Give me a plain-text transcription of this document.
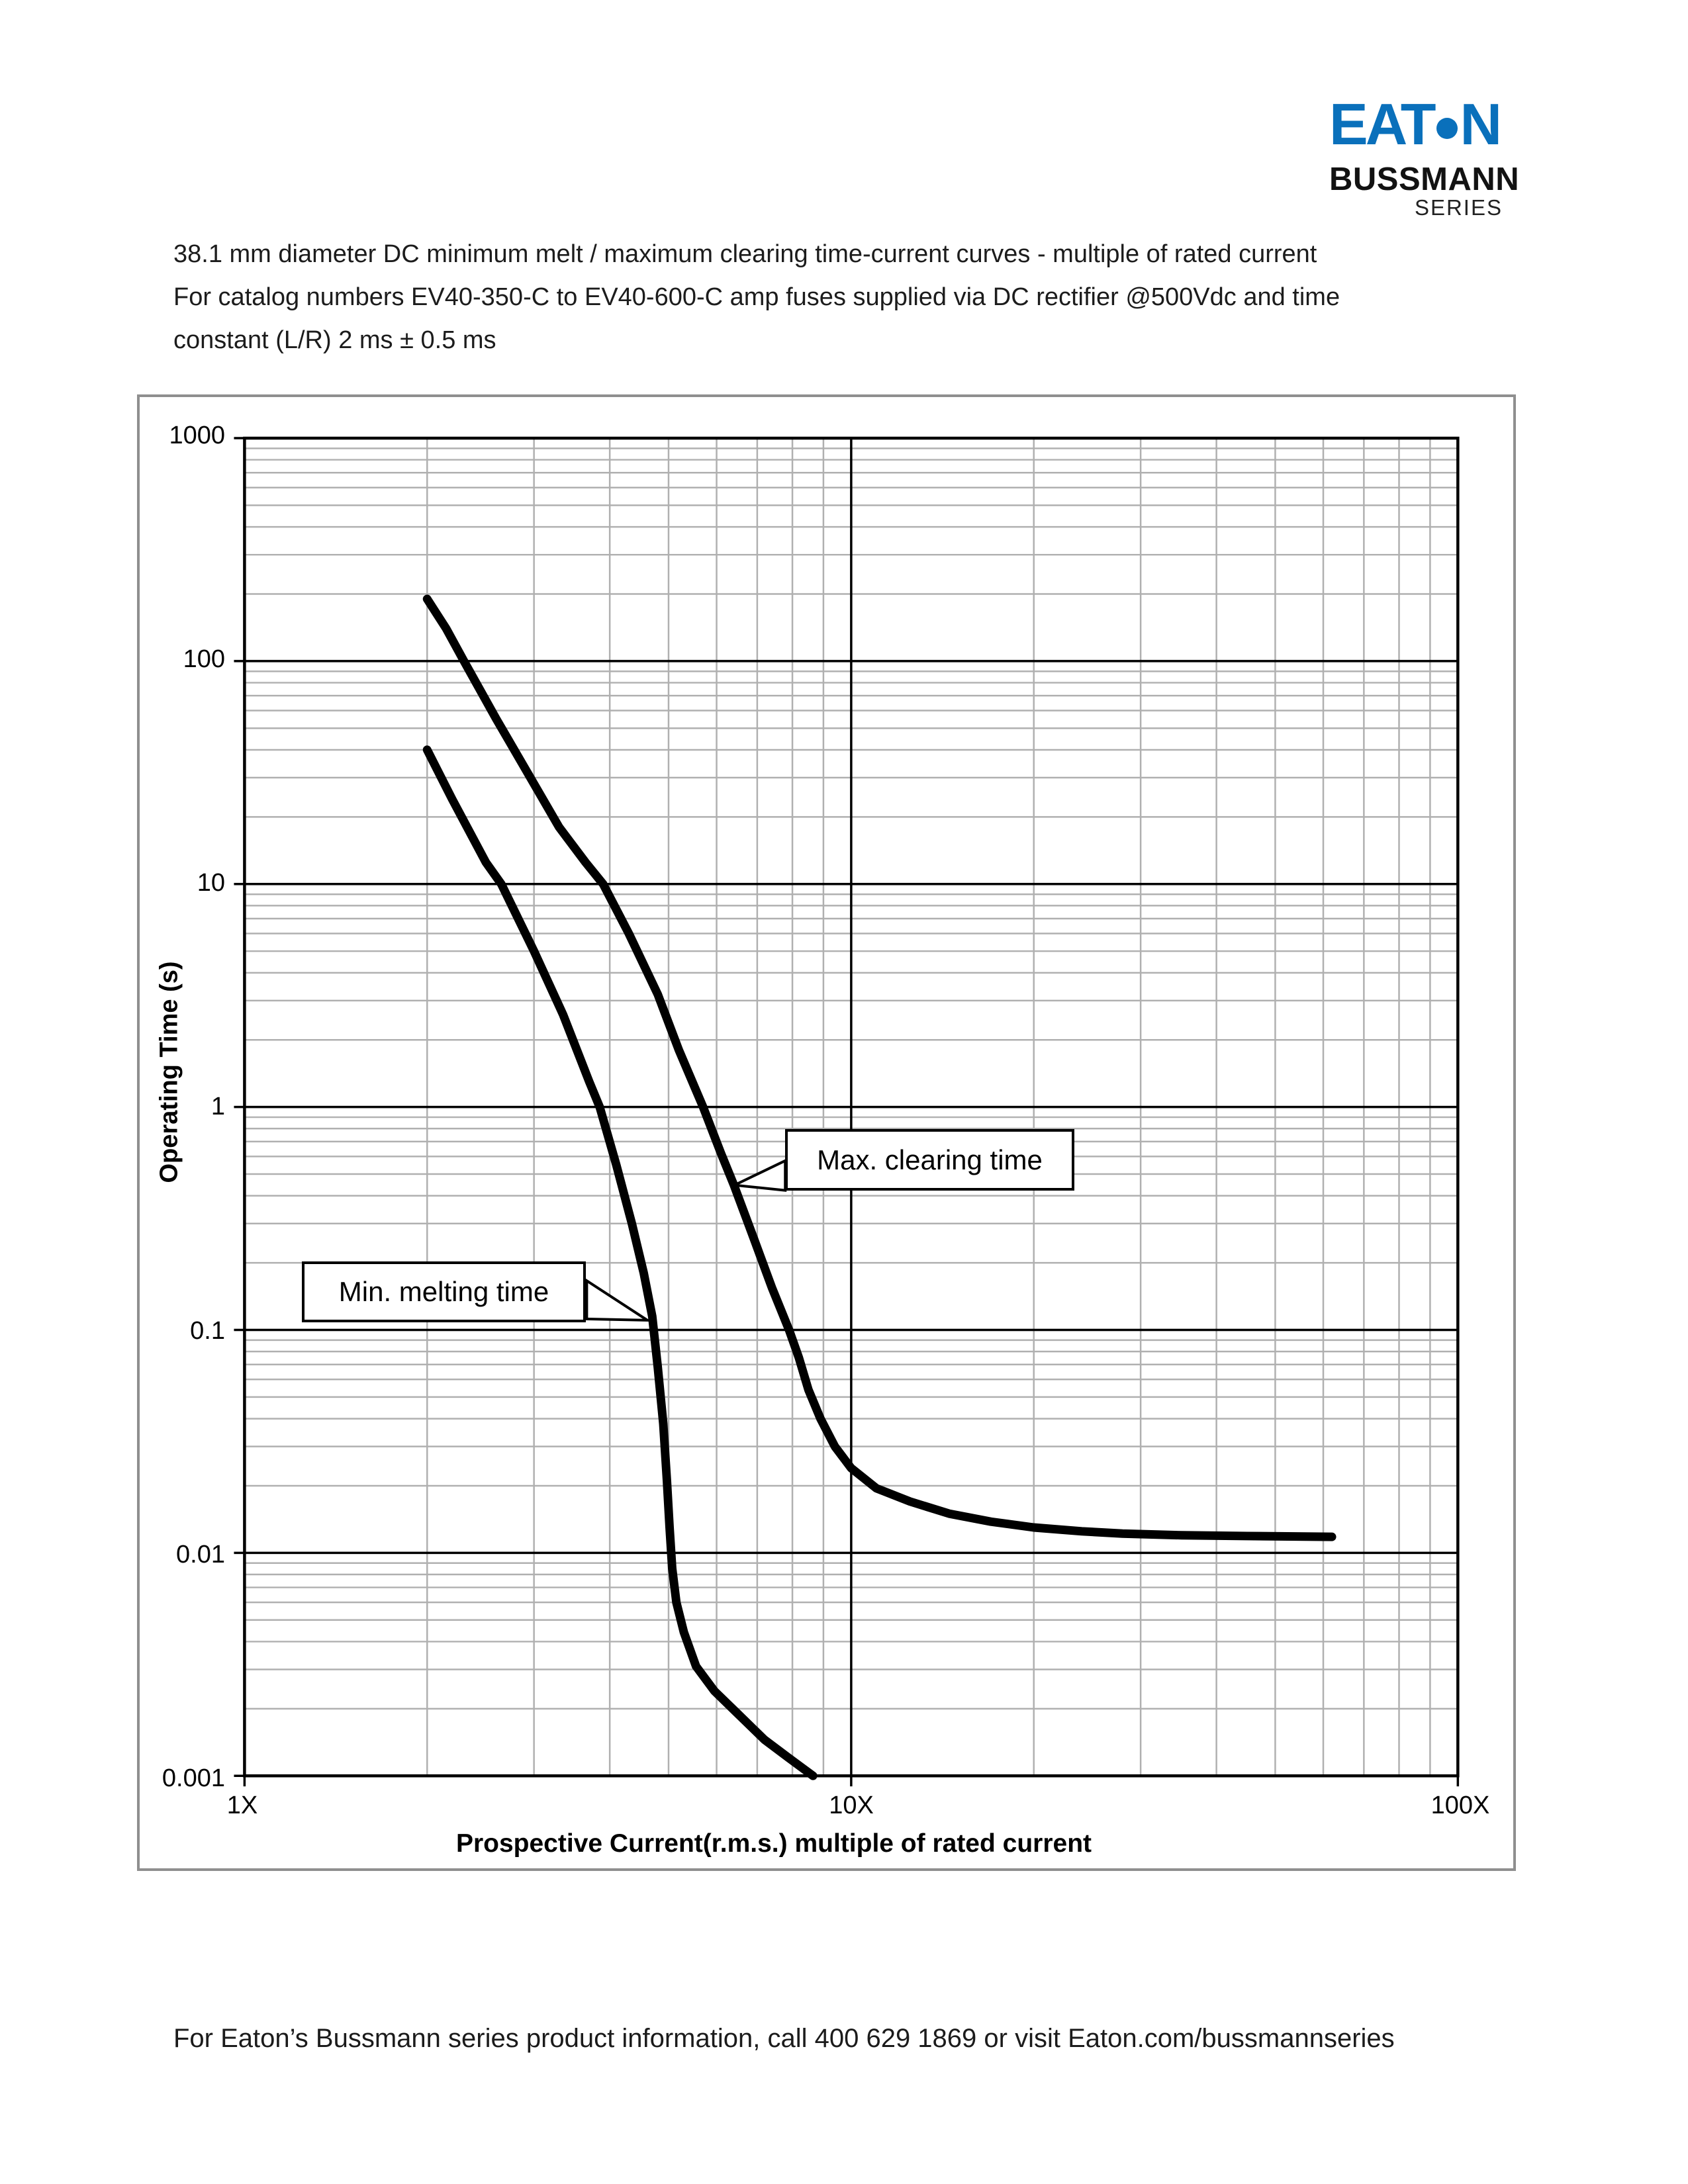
EAT N
BUSSMANN
SERIES
38.1 mm diameter DC minimum melt / maximum clearing time-current curves - multiple of rated current
For catalog numbers EV40-350-C to EV40-600-C amp fuses supplied via DC rectifier @500Vdc and time
constant (L/R) 2 ms ± 0.5 ms
1000
100
10
1
0.1
0.01
0.001
1X	10X	100X
Operating Time (s)
Prospective Current(r.m.s.) multiple of rated current
Max. clearing time
Min. melting time
For Eaton’s Bussmann series product information, call 400 629 1869 or visit Eaton.com/bussmannseries
